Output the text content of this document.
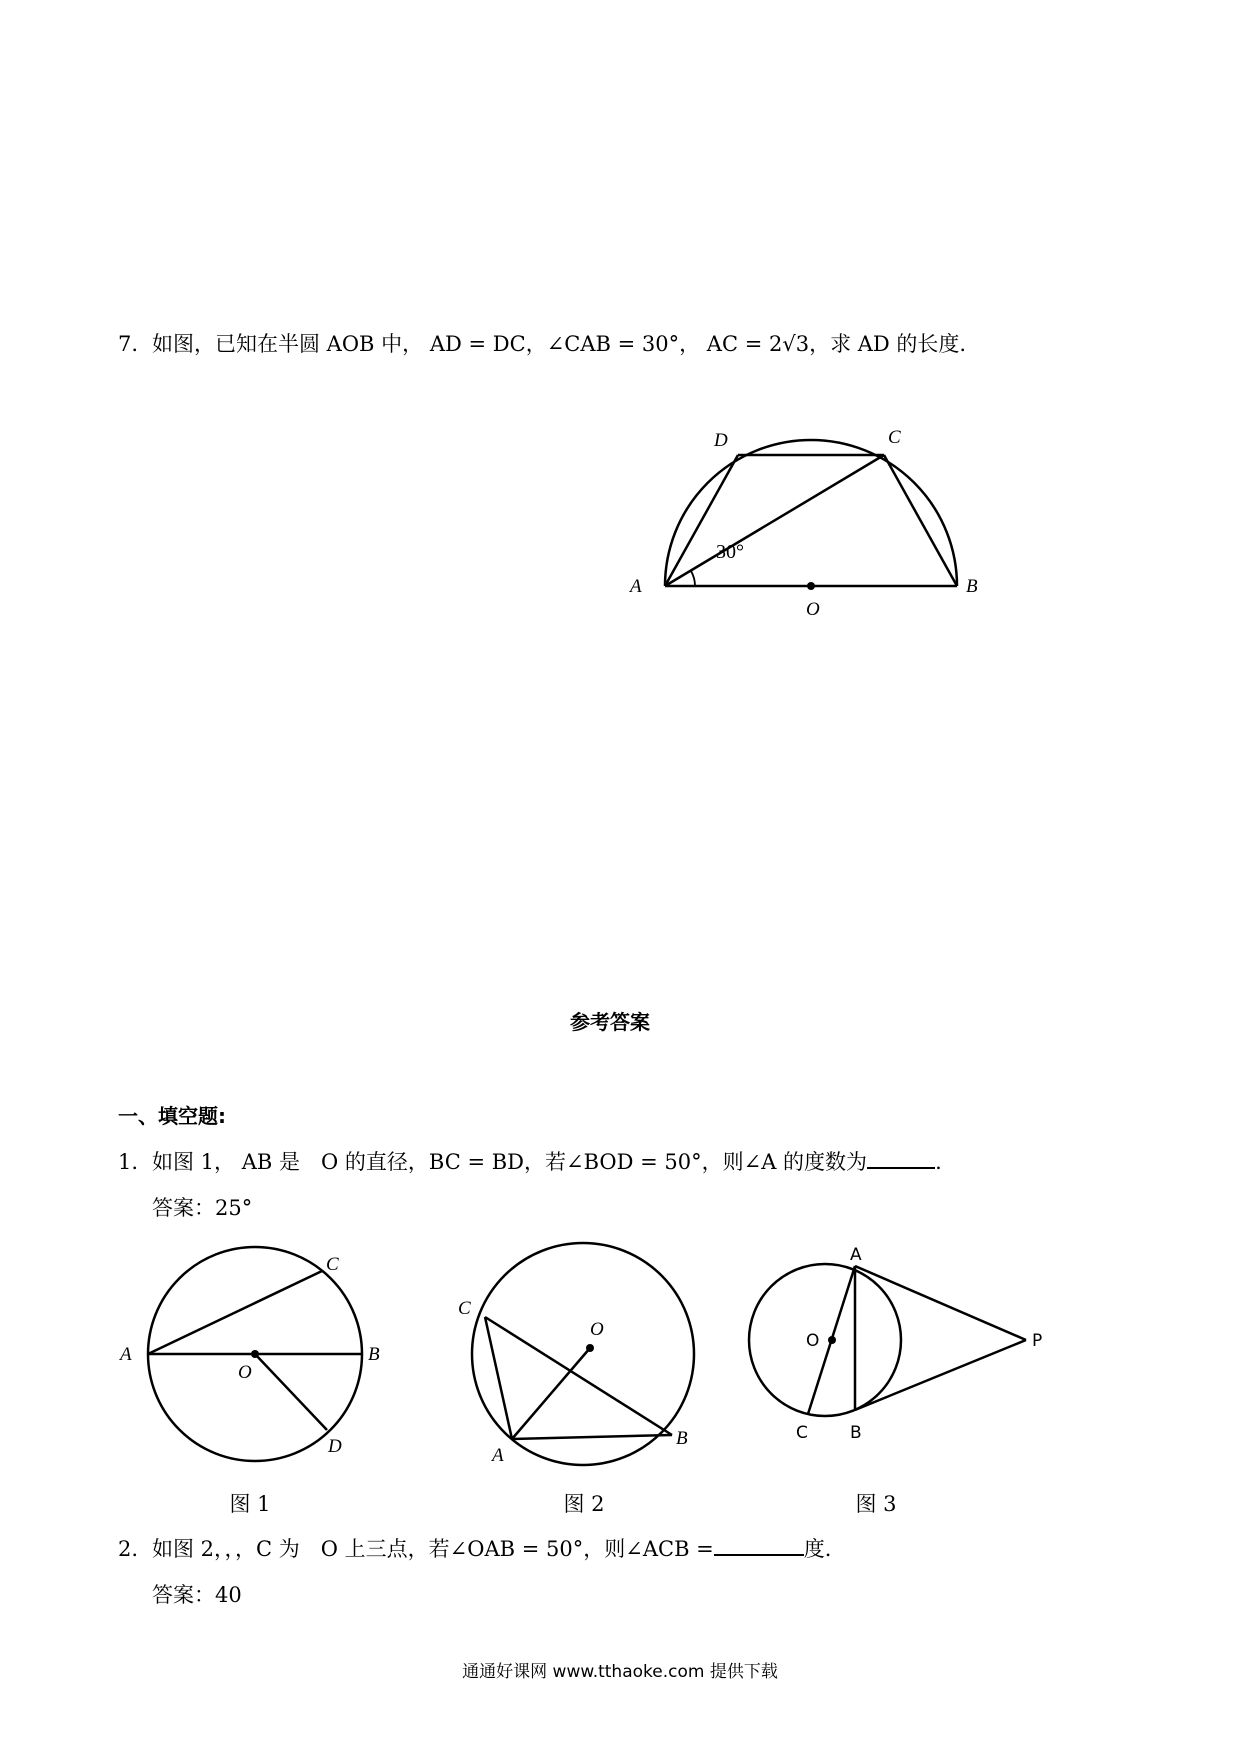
7. 如图，已知在半圆 AOB 中， AD = DC，∠CAB = 30°， AC = 2√3，求 AD 的长度.
D	C
A	B
O
30°
参考答案
一、填空题:
1. 如图 1， AB 是　O 的直径，BC = BD，若∠BOD = 50°，则∠A 的度数为	.
答案：25°
A	B
C
D
O
图 1
C
A
B
O
图 2
A
O	P
C B
图 3
2. 如图 2，，，C 为　O 上三点，若∠OAB = 50°，则∠ACB =	度.
答案：40
通通好课网 www.tthaoke.com 提供下载
